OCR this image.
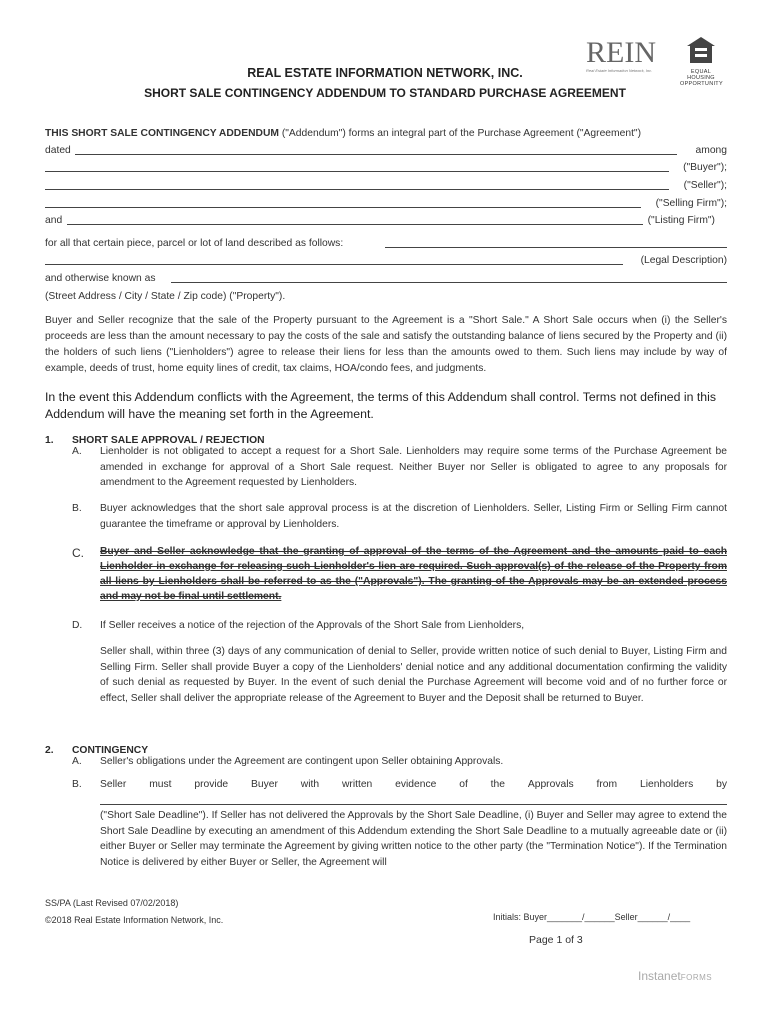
REAL ESTATE INFORMATION NETWORK, INC.
SHORT SALE CONTINGENCY ADDENDUM TO STANDARD PURCHASE AGREEMENT
REIN
Real Estate Information Network, Inc.	EQUAL HOUSING
OPPORTUNITY
THIS SHORT SALE CONTINGENCY ADDENDUM ("Addendum") forms an integral part of the Purchase Agreement ("Agreement")
dated	among
("Buyer");
("Seller");
("Selling Firm");
and	("Listing Firm")
for all that certain piece, parcel or lot of land described as follows:
(Legal Description)
and otherwise known as
(Street Address / City / State / Zip code) ("Property").
Buyer and Seller recognize that the sale of the Property pursuant to the Agreement is a "Short Sale." A Short Sale occurs when (i) the Seller's proceeds are less than the amount necessary to pay the costs of the sale and satisfy the outstanding balance of liens secured by the Property and (ii) the holders of such liens ("Lienholders") agree to release their liens for less than the amounts owed to them. Such liens may include by way of example, deeds of trust, home equity lines of credit, tax claims, HOA/condo fees, and judgments.
In the event this Addendum conflicts with the Agreement, the terms of this Addendum shall control. Terms not defined in this Addendum will have the meaning set forth in the Agreement.
1. SHORT SALE APPROVAL / REJECTION
A. Lienholder is not obligated to accept a request for a Short Sale. Lienholders may require some terms of the Purchase Agreement be amended in exchange for approval of a Short Sale request. Neither Buyer nor Seller is obligated to agree to any proposals for amendment to the Agreement requested by Lienholders.
B. Buyer acknowledges that the short sale approval process is at the discretion of Lienholders. Seller, Listing Firm or Selling Firm cannot guarantee the timeframe or approval by Lienholders.
C. Buyer and Seller acknowledge that the granting of approval of the terms of the Agreement and the amounts paid to each Lienholder in exchange for releasing such Lienholder's lien are required. Such approval(s) of the release of the Property from all liens by Lienholders shall be referred to as the ("Approvals"). The granting of the Approvals may be an extended process and may not be final until settlement.
D. If Seller receives a notice of the rejection of the Approvals of the Short Sale from Lienholders,
Seller shall, within three (3) days of any communication of denial to Seller, provide written notice of such denial to Buyer, Listing Firm and Selling Firm. Seller shall provide Buyer a copy of the Lienholders' denial notice and any additional documentation confirming the validity of such denial as requested by Buyer. In the event of such denial the Purchase Agreement will become void and of no further force or effect, Seller shall deliver the appropriate release of the Agreement to Buyer and the Deposit shall be returned to Buyer.
2. CONTINGENCY
A. Seller's obligations under the Agreement are contingent upon Seller obtaining Approvals.
B. Seller must provide Buyer with written evidence of the Approvals from Lienholders by
("Short Sale Deadline"). If Seller has not delivered the Approvals by the Short Sale Deadline, (i) Buyer and Seller may agree to extend the Short Sale Deadline by executing an amendment of this Addendum extending the Short Sale Deadline to a mutually agreeable date or (ii) either Buyer or Seller may terminate the Agreement by giving written notice to the other party (the "Termination Notice"). If the Termination Notice is delivered by either Buyer or Seller, the Agreement will
SS/PA (Last Revised 07/02/2018)
©2018 Real Estate Information Network, Inc.	Initials: Buyer_______/______Seller______/____
Page 1 of 3
InstanetFORMS
